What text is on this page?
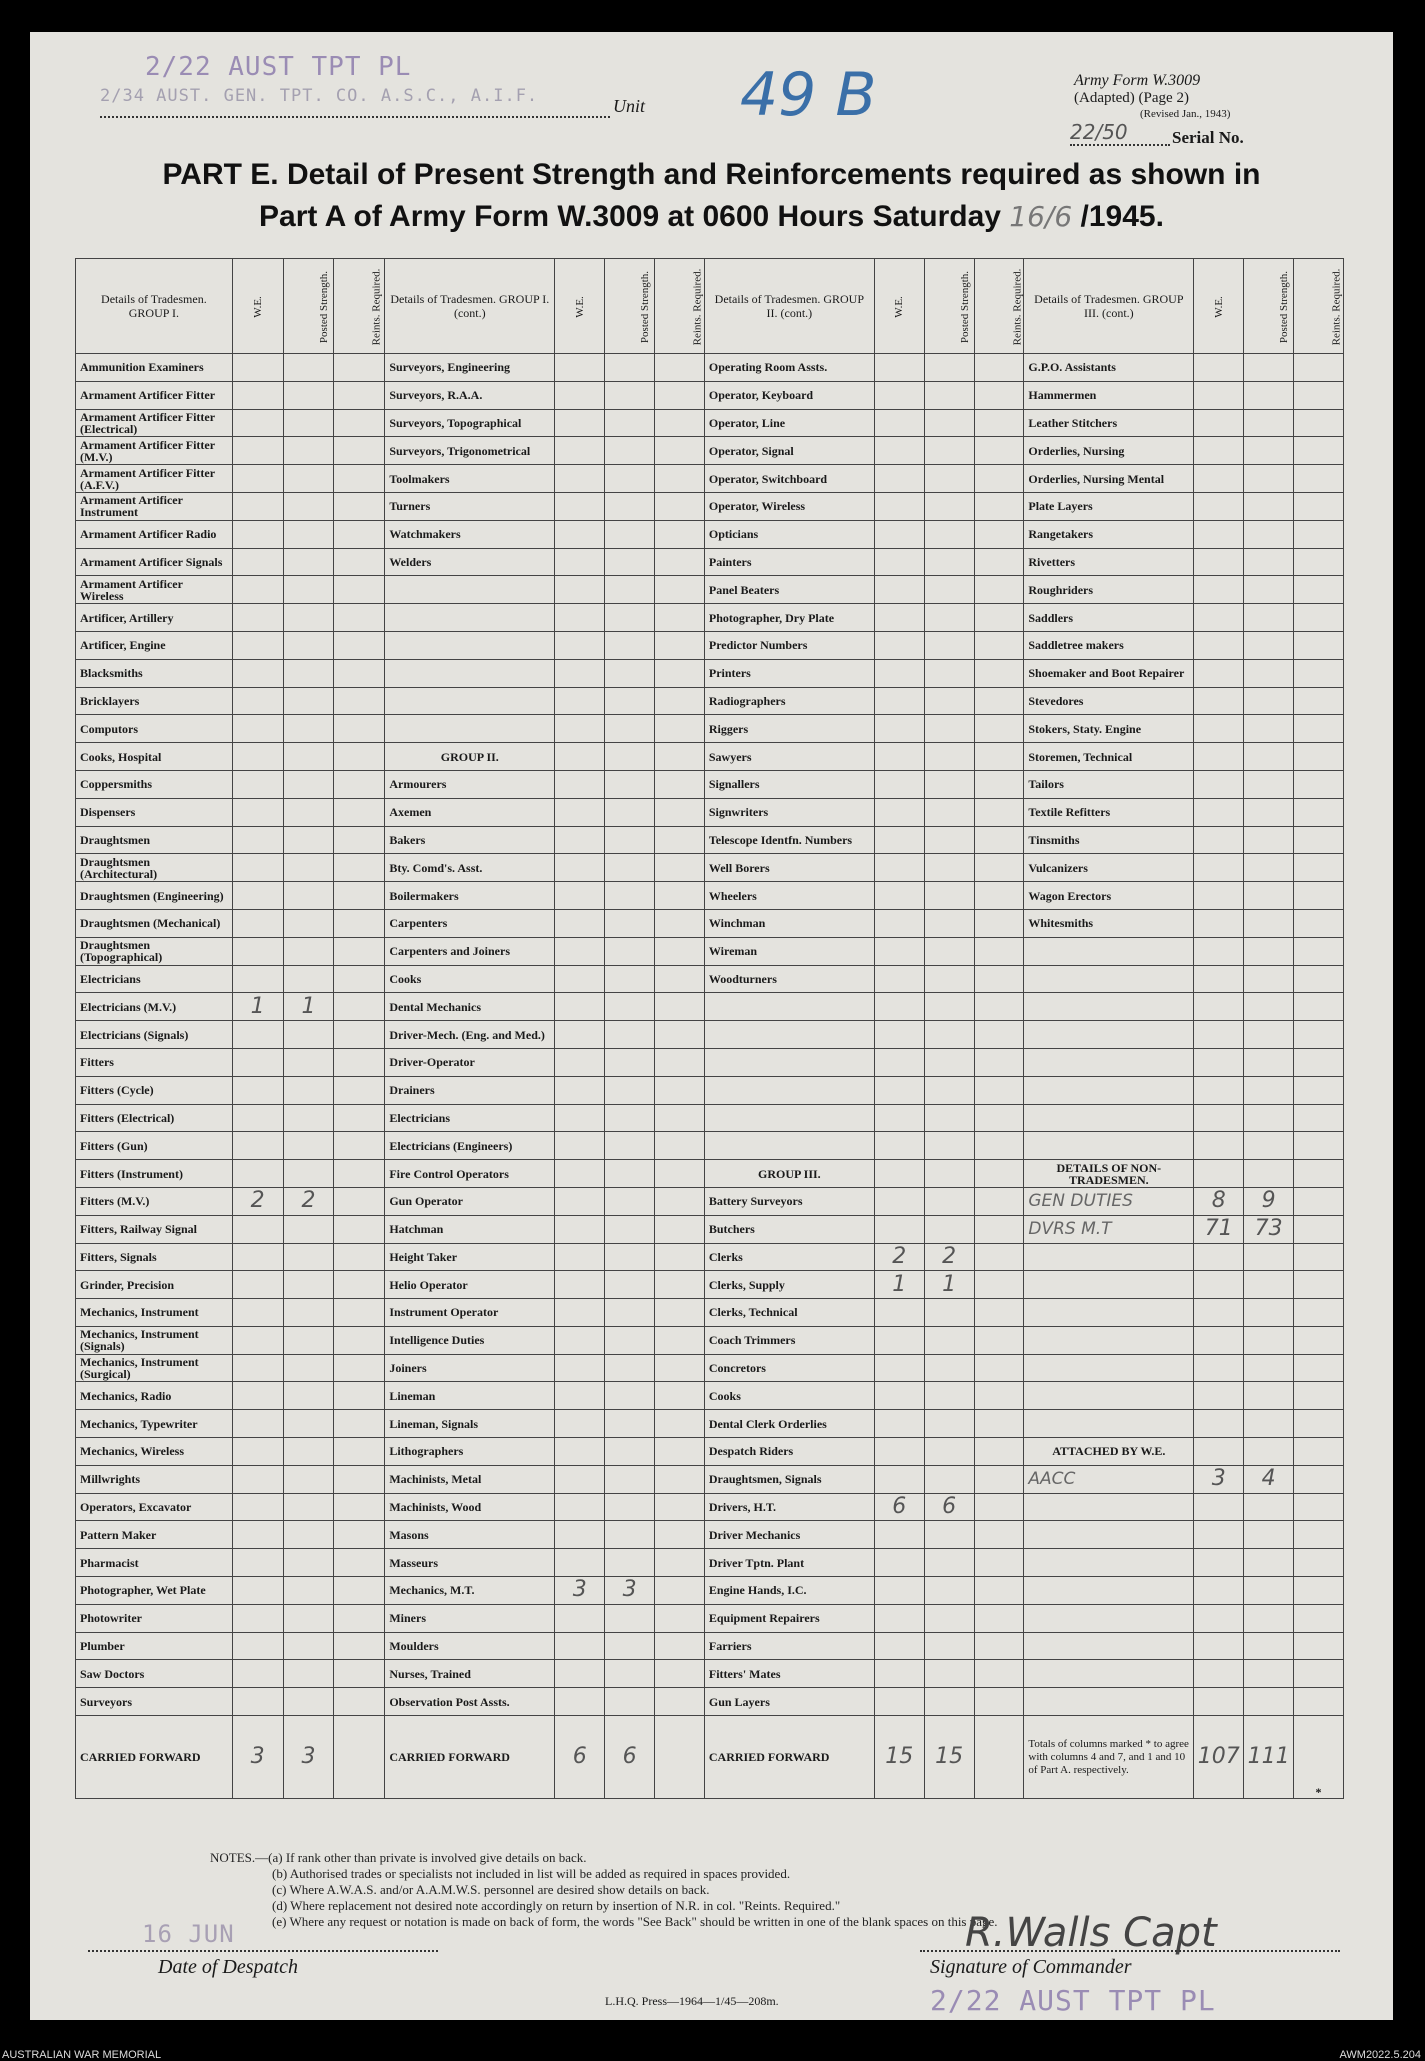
2/22 AUST TPT PL
2/34 AUST. GEN. TPT. CO. A.S.C., A.I.F.	Unit 49 B	Army Form W.3009
(Adapted) (Page 2)
(Revised Jan., 1943)
22/50	Serial No.
PART E. Detail of Present Strength and Reinforcements required as shown in
Part A of Army Form W.3009 at 0600 Hours Saturday 16/6 /1945.
Details of Tradesmen. GROUP I.	W.E.	Posted Strength.	Reints. Required.	Details of Tradesmen. GROUP I. (cont.)	W.E.	Posted Strength.	Reints. Required.	Details of Tradesmen. GROUP II. (cont.)	W.E.	Posted Strength.	Reints. Required.	Details of Tradesmen. GROUP III. (cont.)	W.E.	Posted Strength.	Reints. Required.
Ammunition Examiners				Surveyors, Engineering				Operating Room Assts.				G.P.O. Assistants			
Armament Artificer Fitter				Surveyors, R.A.A.				Operator, Keyboard				Hammermen			
Armament Artificer Fitter (Electrical)				Surveyors, Topographical				Operator, Line				Leather Stitchers			
Armament Artificer Fitter (M.V.)				Surveyors, Trigonometrical				Operator, Signal				Orderlies, Nursing			
Armament Artificer Fitter (A.F.V.)				Toolmakers				Operator, Switchboard				Orderlies, Nursing Mental			
Armament Artificer Instrument				Turners				Operator, Wireless				Plate Layers			
Armament Artificer Radio				Watchmakers				Opticians				Rangetakers			
Armament Artificer Signals				Welders				Painters				Rivetters			
Armament Artificer Wireless								Panel Beaters				Roughriders			
Artificer, Artillery								Photographer, Dry Plate				Saddlers			
Artificer, Engine								Predictor Numbers				Saddletree makers			
Blacksmiths								Printers				Shoemaker and Boot Repairer			
Bricklayers								Radiographers				Stevedores			
Computors								Riggers				Stokers, Staty. Engine			
Cooks, Hospital				GROUP II.				Sawyers				Storemen, Technical			
Coppersmiths				Armourers				Signallers				Tailors			
Dispensers				Axemen				Signwriters				Textile Refitters			
Draughtsmen				Bakers				Telescope Identfn. Numbers				Tinsmiths			
Draughtsmen (Architectural)				Bty. Comd's. Asst.				Well Borers				Vulcanizers			
Draughtsmen (Engineering)				Boilermakers				Wheelers				Wagon Erectors			
Draughtsmen (Mechanical)				Carpenters				Winchman				Whitesmiths			
Draughtsmen (Topographical)				Carpenters and Joiners				Wireman							
Electricians				Cooks				Woodturners							
Electricians (M.V.)	1	1		Dental Mechanics											
Electricians (Signals)				Driver-Mech. (Eng. and Med.)											
Fitters				Driver-Operator											
Fitters (Cycle)				Drainers											
Fitters (Electrical)				Electricians											
Fitters (Gun)				Electricians (Engineers)											
Fitters (Instrument)				Fire Control Operators				GROUP III.				DETAILS OF NON-TRADESMEN.			
Fitters (M.V.)	2	2		Gun Operator				Battery Surveyors				GEN DUTIES	8	9	
Fitters, Railway Signal				Hatchman				Butchers				DVRS M.T	71	73	
Fitters, Signals				Height Taker				Clerks	2	2					
Grinder, Precision				Helio Operator				Clerks, Supply	1	1					
Mechanics, Instrument				Instrument Operator				Clerks, Technical							
Mechanics, Instrument (Signals)				Intelligence Duties				Coach Trimmers							
Mechanics, Instrument (Surgical)				Joiners				Concretors							
Mechanics, Radio				Lineman				Cooks							
Mechanics, Typewriter				Lineman, Signals				Dental Clerk Orderlies							
Mechanics, Wireless				Lithographers				Despatch Riders				ATTACHED BY W.E.			
Millwrights				Machinists, Metal				Draughtsmen, Signals				AACC	3	4	
Operators, Excavator				Machinists, Wood				Drivers, H.T.	6	6					
Pattern Maker				Masons				Driver Mechanics							
Pharmacist				Masseurs				Driver Tptn. Plant							
Photographer, Wet Plate				Mechanics, M.T.	3	3		Engine Hands, I.C.							
Photowriter				Miners				Equipment Repairers							
Plumber				Moulders				Farriers							
Saw Doctors				Nurses, Trained				Fitters' Mates							
Surveyors				Observation Post Assts.				Gun Layers							
CARRIED FORWARD	3	3		CARRIED FORWARD	6	6		CARRIED FORWARD	15	15		Totals of columns marked * to agree with columns 4 and 7, and 1 and 10 of Part A. respectively.	107	111	*
NOTES.—(a) If rank other than private is involved give details on back.
(b) Authorised trades or specialists not included in list will be added as required in spaces provided.
(c) Where A.W.A.S. and/or A.A.M.W.S. personnel are desired show details on back.
(d) Where replacement not desired note accordingly on return by insertion of N.R. in col. "Reints. Required."
(e) Where any request or notation is made on back of form, the words "See Back" should be written in one of the blank spaces on this page.
16 JUN
Date of Despatch
R.Walls Capt
Signature of Commander
L.H.Q. Press—1964—1/45—208m.	2/22 AUST TPT PL
AUSTRALIAN WAR MEMORIAL	AWM2022.5.204
